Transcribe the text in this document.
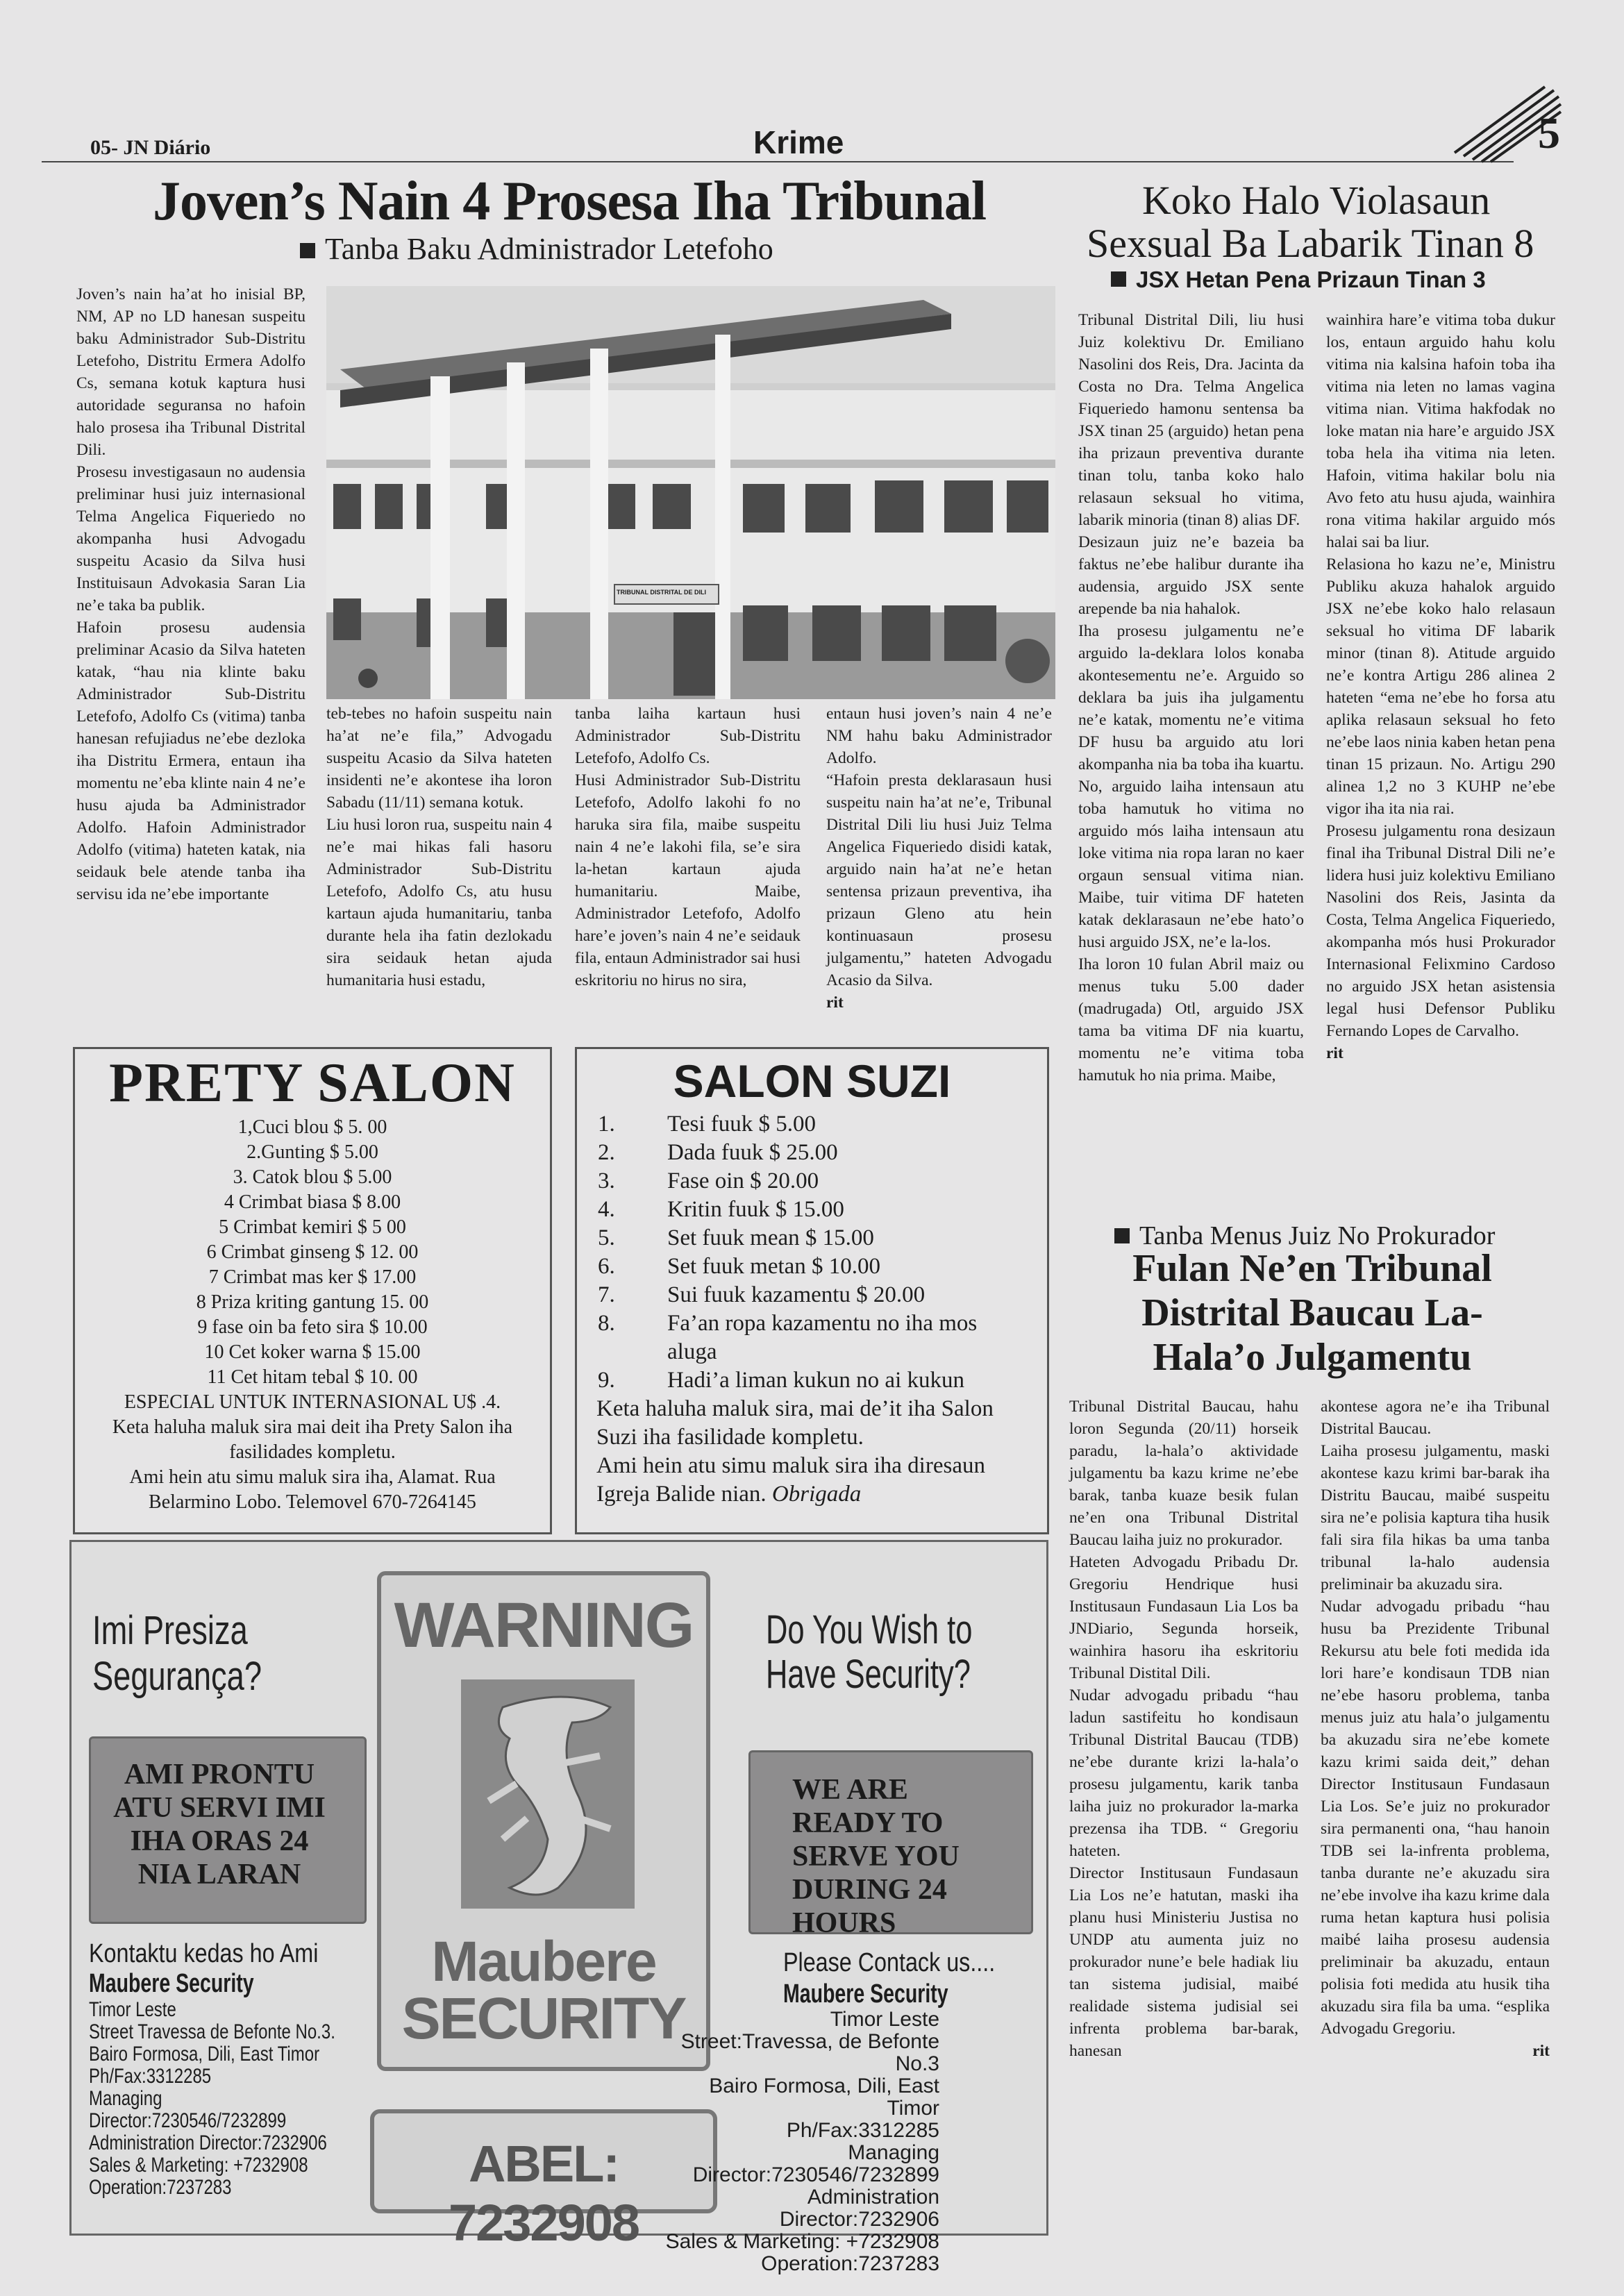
05- JN Diário	Krime	5
Joven’s Nain 4 Prosesa Iha Tribunal
Tanba Baku Administrador Letefoho

Joven’s nain ha’at ho inisial BP, NM, AP no LD hanesan suspeitu baku Administrador Sub-Distritu Letefoho, Distritu Ermera Adolfo Cs, semana kotuk kaptura husi autoridade seguransa no hafoin halo prosesa iha Tribunal Distrital Dili.

Prosesu investigasaun no audensia preliminar husi juiz internasional Telma Angelica Fiqueriedo no akompanha husi Advogadu suspeitu Acasio da Silva husi Instituisaun Advokasia Saran Lia ne’e taka ba publik.

Hafoin prosesu audensia preliminar Acasio da Silva hateten katak, “hau nia klinte baku Administrador Sub-Distritu Letefofo, Adolfo Cs (vitima) tanba hanesan refujiadus ne’ebe dezloka iha Distritu Ermera, entaun iha momentu ne’eba klinte nain 4 ne’e husu ajuda ba Administrador Adolfo. Hafoin Administrador Adolfo (vitima) hateten katak, nia seidauk bele atende tanba iha servisu ida ne’ebe importante

TRIBUNAL DISTRITAL DE DILI

teb-tebes no hafoin suspeitu nain ha’at ne’e fila,” Advogadu suspeitu Acasio da Silva hateten insidenti ne’e akontese iha loron Sabadu (11/11) semana kotuk.

Liu husi loron rua, suspeitu nain 4 ne’e mai hikas fali hasoru Administrador Sub-Distritu Letefofo, Adolfo Cs, atu husu kartaun ajuda humanitariu, tanba durante hela iha fatin dezlokadu sira seidauk hetan ajuda humanitaria husi estadu,

tanba laiha kartaun husi Administrador Sub-Distritu Letefofo, Adolfo Cs.

Husi Administrador Sub-Distritu Letefofo, Adolfo lakohi fo no haruka sira fila, maibe suspeitu nain 4 ne’e lakohi fila, se’e sira la-hetan kartaun ajuda humanitariu. Maibe, Administrador Letefofo, Adolfo hare’e joven’s nain 4 ne’e seidauk fila, entaun Administrador sai husi eskritoriu no hirus no sira,

entaun husi joven’s nain 4 ne’e NM hahu baku Administrador Adolfo.

“Hafoin presta deklarasaun husi suspeitu nain ha’at ne’e, Tribunal Distrital Dili liu husi Juiz Telma Angelica Fiqueriedo disidi katak, arguido nain ha’at ne’e hetan sentensa prizaun preventiva, iha prizaun Gleno atu hein kontinuasaun prosesu julgamentu,” hateten Advogadu Acasio da Silva.

rit

Koko Halo Violasaun
Sexsual Ba Labarik Tinan 8
JSX Hetan Pena Prizaun Tinan 3

Tribunal Distrital Dili, liu husi Juiz kolektivu Dr. Emiliano Nasolini dos Reis, Dra. Jacinta da Costa no Dra. Telma Angelica Fiqueriedo hamonu sentensa ba JSX tinan 25 (arguido) hetan pena iha prizaun preventiva durante tinan tolu, tanba koko halo relasaun seksual ho vitima, labarik minoria (tinan 8) alias DF.

Desizaun juiz ne’e bazeia ba faktus ne’ebe halibur durante iha audensia, arguido JSX sente arepende ba nia hahalok.

Iha prosesu julgamentu ne’e arguido la-deklara lolos konaba akontesementu ne’e. Arguido so deklara ba juis iha julgamentu ne’e katak, momentu ne’e vitima DF husu ba arguido atu lori akompanha nia ba toba iha kuartu. No, arguido laiha intensaun atu toba hamutuk ho vitima no arguido mós laiha intensaun atu loke vitima nia ropa laran no kaer orgaun sensual vitima nian. Maibe, tuir vitima DF hateten katak deklarasaun ne’ebe hato’o husi arguido JSX, ne’e la-los.

Iha loron 10 fulan Abril maiz ou menus tuku 5.00 dader (madrugada) Otl, arguido JSX tama ba vitima DF nia kuartu, momentu ne’e vitima toba hamutuk ho nia prima. Maibe,

wainhira hare’e vitima toba dukur los, entaun arguido hahu kolu vitima nia kalsina hafoin toba iha vitima nia leten no lamas vagina vitima nian. Vitima hakfodak no loke matan nia hare’e arguido JSX toba hela iha vitima nia leten. Hafoin, vitima hakilar bolu nia Avo feto atu husu ajuda, wainhira rona vitima hakilar arguido mós halai sai ba liur.

Relasiona ho kazu ne’e, Ministru Publiku akuza hahalok arguido JSX ne’ebe koko halo relasaun seksual ho vitima DF labarik minor (tinan 8). Atitude arguido ne’e kontra Artigu 286 alinea 2 hateten “ema ne’ebe ho forsa atu aplika relasaun seksual ho feto ne’ebe laos ninia kaben hetan pena tinan 15 prizaun. No. Artigu 290 alinea 1,2 no 3 KUHP ne’ebe vigor iha ita nia rai.

Prosesu julgamentu rona desizaun final iha Tribunal Distral Dili ne’e lidera husi juiz kolektivu Emiliano Nasolini dos Reis, Jasinta da Costa, Telma Angelica Fiqueriedo, akompanha mós husi Prokurador Internasional Felixmino Cardoso no arguido JSX hetan asistensia legal husi Defensor Publiku Fernando Lopes de Carvalho.

rit

Tanba Menus Juiz No Prokurador
Fulan Ne’en Tribunal
Distrital Baucau La-
Hala’o Julgamentu

Tribunal Distrital Baucau, hahu loron Segunda (20/11) horseik paradu, la-hala’o aktividade julgamentu ba kazu krime ne’ebe barak, tanba kuaze besik fulan ne’en ona Tribunal Distrital Baucau laiha juiz no prokurador.

Hateten Advogadu Pribadu Dr. Gregoriu Hendrique husi Institusaun Fundasaun Lia Los ba JNDiario, Segunda horseik, wainhira hasoru iha eskritoriu Tribunal Distital Dili.

Nudar advogadu pribadu “hau ladun sastifeitu ho kondisaun Tribunal Distrital Baucau (TDB) ne’ebe durante krizi la-hala’o prosesu julgamentu, karik tanba laiha juiz no prokurador la-marka prezensa iha TDB. “ Gregoriu hateten.

Director Institusaun Fundasaun Lia Los ne’e hatutan, maski iha planu husi Ministeriu Justisa no UNDP atu aumenta juiz no prokurador nune’e bele hadiak liu tan sistema judisial, maibé realidade sistema judisial sei infrenta problema bar-barak, hanesan

akontese agora ne’e iha Tribunal Distrital Baucau.

Laiha prosesu julgamentu, maski akontese kazu krimi bar-barak iha Distritu Baucau, maibé suspeitu sira ne’e polisia kaptura tiha husik fali sira fila hikas ba uma tanba tribunal la-halo audensia preliminair ba akuzadu sira.

Nudar advogadu pribadu “hau husu ba Prezidente Tribunal Rekursu atu bele foti medida ida lori hare’e kondisaun TDB nian ne’ebe hasoru problema, tanba menus juiz atu hala’o julgamentu ba akuzadu sira ne’ebe komete kazu krimi saida deit,” dehan Director Institusaun Fundasaun Lia Los. Se’e juiz no prokurador sira permanenti ona, “hau hanoin TDB sei la-infrenta problema, tanba durante ne’e akuzadu sira ne’ebe involve iha kazu krime dala ruma hetan kaptura husi polisia maibé laiha prosesu audensia preliminair ba akuzadu, entaun polisia foti medida atu husik tiha akuzadu sira fila ba uma. “esplika Advogadu Gregoriu.

rit

PRETY SALON
1,Cuci blou $ 5. 00
2.Gunting $ 5.00
3. Catok blou $ 5.00
4 Crimbat biasa $ 8.00
5 Crimbat kemiri $ 5 00
6 Crimbat ginseng $ 12. 00
7 Crimbat mas ker $ 17.00
8 Priza kriting gantung 15. 00
9 fase oin ba feto sira $ 10.00
10 Cet koker warna $ 15.00
11 Cet hitam tebal $ 10. 00
ESPECIAL UNTUK INTERNASIONAL U$ .4.
Keta haluha maluk sira mai deit iha Prety Salon iha fasilidades kompletu.
Ami hein atu simu maluk sira iha, Alamat. Rua Belarmino Lobo. Telemovel 670-7264145
SALON SUZI
1.	Tesi fuuk $ 5.00
2.	Dada fuuk $ 25.00
3.	Fase oin $ 20.00
4.	Kritin fuuk $ 15.00
5.	Set fuuk mean $ 15.00
6.	Set fuuk metan $ 10.00
7.	Sui fuuk kazamentu $ 20.00
8.	Fa’an ropa kazamentu no iha mos aluga
9.	Hadi’a liman kukun no ai kukun
Keta haluha maluk sira, mai de’it iha Salon Suzi iha fasilidade kompletu.
Ami hein atu simu maluk sira iha diresaun Igreja Balide nian. Obrigada
Imi Presiza Segurança?
AMI PRONTU ATU SERVI IMI IHA ORAS 24 NIA LARAN
Kontaktu kedas ho Ami
Maubere Security
Timor Leste
Street Travessa de Befonte No.3.
Bairo Formosa, Dili, East Timor
Ph/Fax:3312285
Managing Director:7230546/7232899
Administration Director:7232906
Sales & Marketing: +7232908
Operation:7237283
WARNING
Maubere
SECURITY
ABEL: 7232908
Do You Wish to Have Security?
WE ARE READY TO SERVE YOU DURING 24 HOURS
Please Contack us....
Maubere Security
Timor Leste
Street:Travessa, de Befonte No.3
Bairo Formosa, Dili, East Timor
Ph/Fax:3312285
Managing Director:7230546/7232899
Administration Director:7232906
Sales & Marketing: +7232908
Operation:7237283
